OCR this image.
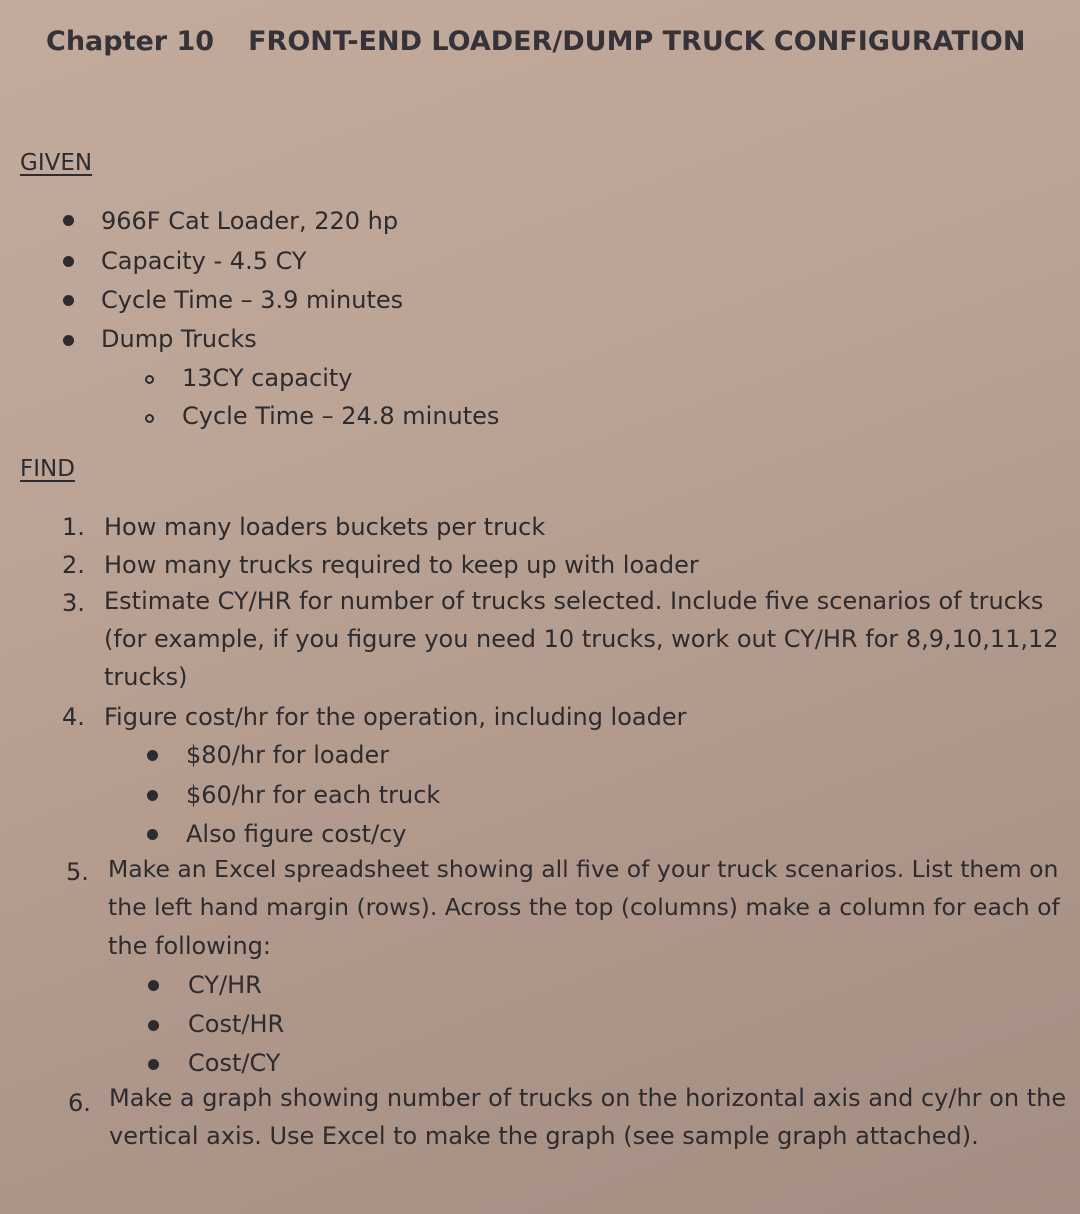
Chapter 10 FRONT-END LOADER/DUMP TRUCK CONFIGURATION
GIVEN
966F Cat Loader, 220 hp
Capacity - 4.5 CY
Cycle Time – 3.9 minutes
Dump Trucks
13CY capacity
Cycle Time – 24.8 minutes
FIND
1. How many loaders buckets per truck
2. How many trucks required to keep up with loader
3. Estimate CY/HR for number of trucks selected. Include five scenarios of trucks
(for example, if you figure you need 10 trucks, work out CY/HR for 8,9,10,11,12
trucks)
4. Figure cost/hr for the operation, including loader
$80/hr for loader
$60/hr for each truck
Also figure cost/cy
5. Make an Excel spreadsheet showing all five of your truck scenarios. List them on
the left hand margin (rows). Across the top (columns) make a column for each of
the following:
CY/HR
Cost/HR
Cost/CY
6. Make a graph showing number of trucks on the horizontal axis and cy/hr on the
vertical axis. Use Excel to make the graph (see sample graph attached).
